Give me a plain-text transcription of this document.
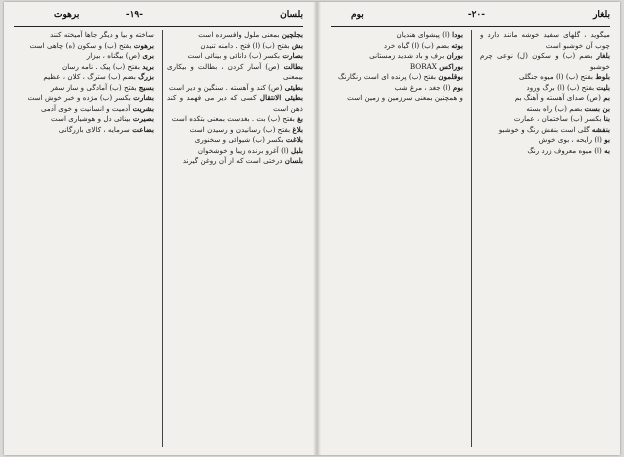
بلسان
-۱۹-
برهوت

بجلچین بمعنی ملول وافسرده است

بش بفتح (ب) (ا) فتح . دامنه تنیدن

بصارت بکسر (ب) دانائی و بینائی است

بطالت (ص) آسار کردن ، بطالت و بیکاری بیمعنی

بطیئی (ص) کند و آهسته . سنگین و دیر است

بطیئی الانتقال کسی که دیر می فهمد و کند ذهن است

بغ بفتح (ب) بت . بغدست بمعنی بتکده است

بلاغ بفتح (ب) رسانیدن و رسیدن است

بلاغت بکسر (ب) شیوائی و سخنوری

بلبل (ا) آغرو برنده زیبا و خوشخوان

بلسان درختی است که از آن روغن گیرند

ساخته و بیا و دیگر جاها آمیخته کنند

برهوت بفتح (ب) و سکون (ه) چاهی است

بری (ص) بیگناه ، بیزار

برید بفتح (ب) پیک . نامه رسان

بزرگ بضم (ب) سترگ ، کلان ، عظیم

بسیج بفتح (ب) آمادگی و ساز سفر

بشارت بکسر (ب) مژده و خبر خوش است

بشریت آدمیت و انسانیت و خوی آدمی

بصیرت بینائی دل و هوشیاری است

بضاعت سرمایه ، کالای بازرگانی

بلغار
-۲۰-
بوم

میگوید ، گلهای سفید خوشه مانند دارد و چوب آن خوشبو است

بلغار بضم (ب) و سکون (ل) نوعی چرم خوشبو

بلوط بفتح (ب) (ا) میوه جنگلی

بلیت بفتح (ب) (ا) برگ ورود

بم (ص) صدای آهسته و آهنگ بم

بن بست بضم (ب) راه بسته

بنا بکسر (ب) ساختمان ، عمارت

بنفشه گلی است بنفش رنگ و خوشبو

بو (ا) رایحه ، بوی خوش

به (ا) میوه معروف زرد رنگ

بودا (ا) پیشوای هندیان

بوته بضم (ب) (ا) گیاه خرد

بوران برف و باد شدید زمستانی

بوراکس BORAX

بوقلمون بفتح (ب) پرنده ای است رنگارنگ

بوم (ا) جغد ، مرغ شب

و همچنین بمعنی سرزمین و زمین است
